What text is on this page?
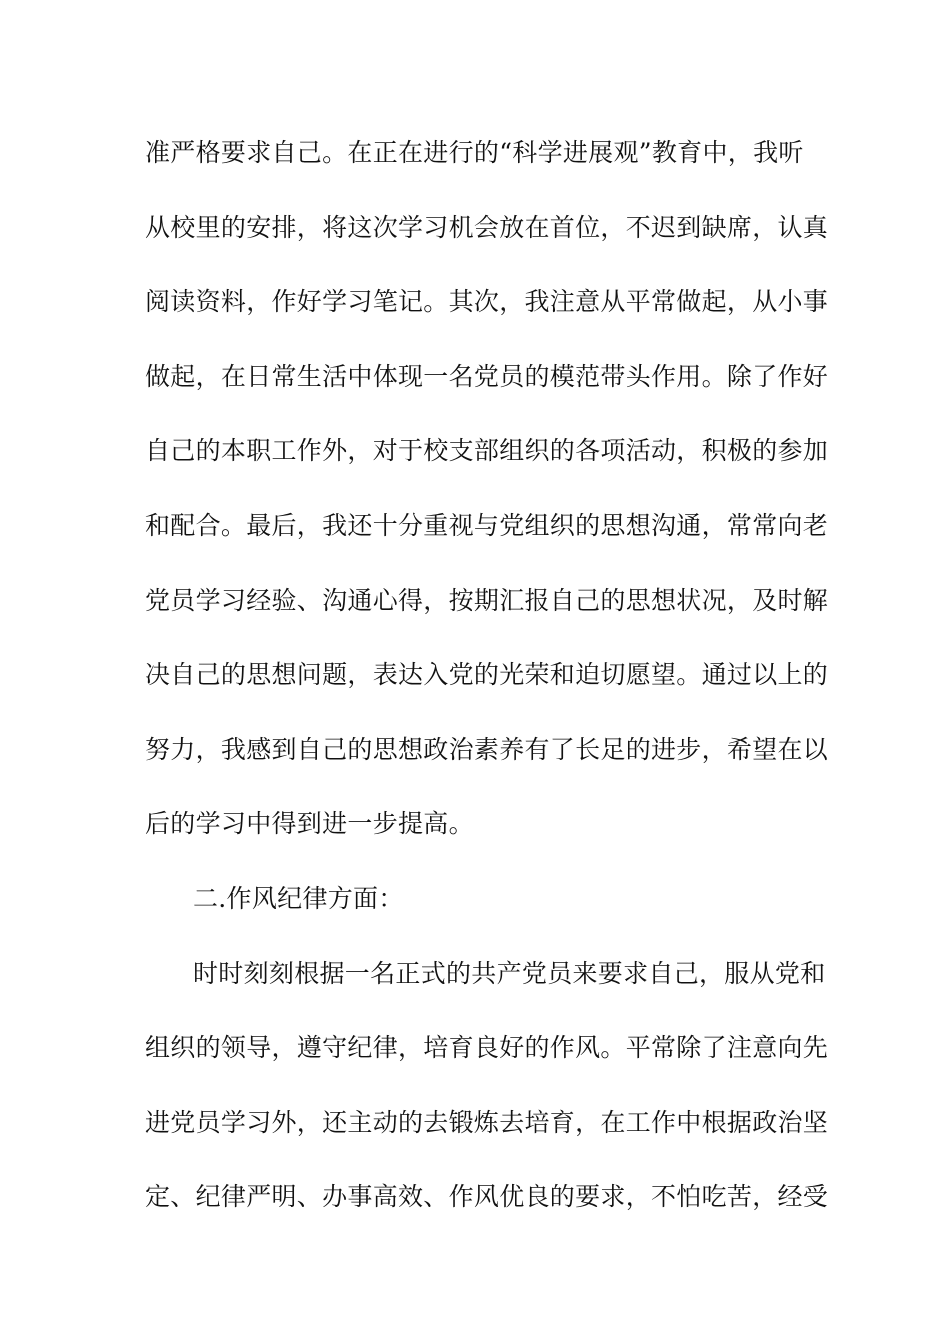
准严格要求自己。在正在进行的“科学进展观”教育中，我听
从校里的安排，将这次学习机会放在首位，不迟到缺席，认真
阅读资料，作好学习笔记。其次，我注意从平常做起，从小事
做起，在日常生活中体现一名党员的模范带头作用。除了作好
自己的本职工作外，对于校支部组织的各项活动，积极的参加
和配合。最后，我还十分重视与党组织的思想沟通，常常向老
党员学习经验、沟通心得，按期汇报自己的思想状况，及时解
决自己的思想问题，表达入党的光荣和迫切愿望。通过以上的
努力，我感到自己的思想政治素养有了长足的进步，希望在以
后的学习中得到进一步提高。
二.作风纪律方面：
时时刻刻根据一名正式的共产党员来要求自己，服从党和
组织的领导，遵守纪律，培育良好的作风。平常除了注意向先
进党员学习外，还主动的去锻炼去培育，在工作中根据政治坚
定、纪律严明、办事高效、作风优良的要求，不怕吃苦，经受
